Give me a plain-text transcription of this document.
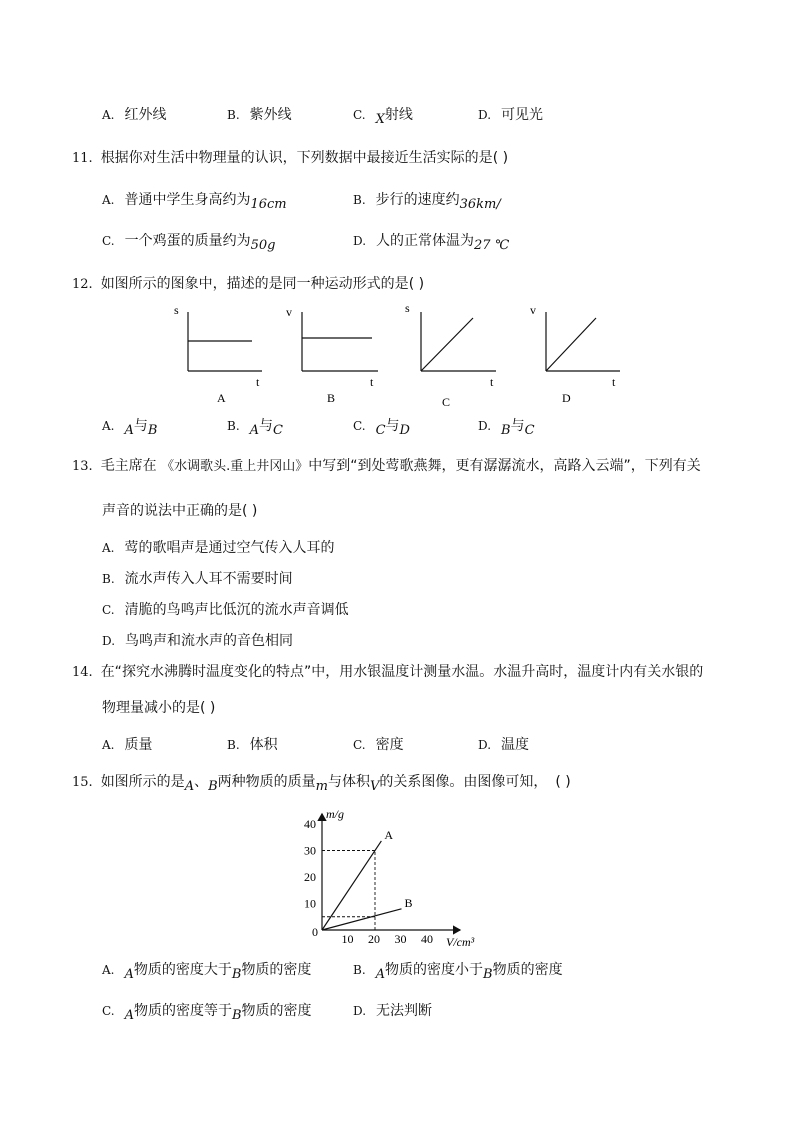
A. 红外线	B. 紫外线	C. X射线	D. 可见光
11. 根据你对生活中物理量的认识，下列数据中最接近生活实际的是( )
A. 普通中学生身高约为16cm	B. 步行的速度约36km/
C. 一个鸡蛋的质量约为50g	D. 人的正常体温为27 ℃
12. 如图所示的图象中，描述的是同一种运动形式的是( )
s
t
A
v
t
B
s
t
C
v
t
D
A. A与B	B. A与C	C. C与D	D. B与C
13. 毛主席在 《水调歌头.重上井冈山》中写到“到处莺歌燕舞，更有潺潺流水，高路入云端”，下列有关
声音的说法中正确的是( )
A. 莺的歌唱声是通过空气传入人耳的
B. 流水声传入人耳不需要时间
C. 清脆的鸟鸣声比低沉的流水声音调低
D. 鸟鸣声和流水声的音色相同
14. 在“探究水沸腾时温度变化的特点”中，用水银温度计测量水温。水温升高时，温度计内有关水银的
物理量减小的是( )
A. 质量	B. 体积	C. 密度	D. 温度
15. 如图所示的是A、B两种物质的质量m与体积V的关系图像。由图像可知， ( )
m/g
V/cm³
0
10
20
30
40
10 20 30 40
A
B
A. A物质的密度大于B物质的密度	B. A物质的密度小于B物质的密度
C. A物质的密度等于B物质的密度	D. 无法判断
